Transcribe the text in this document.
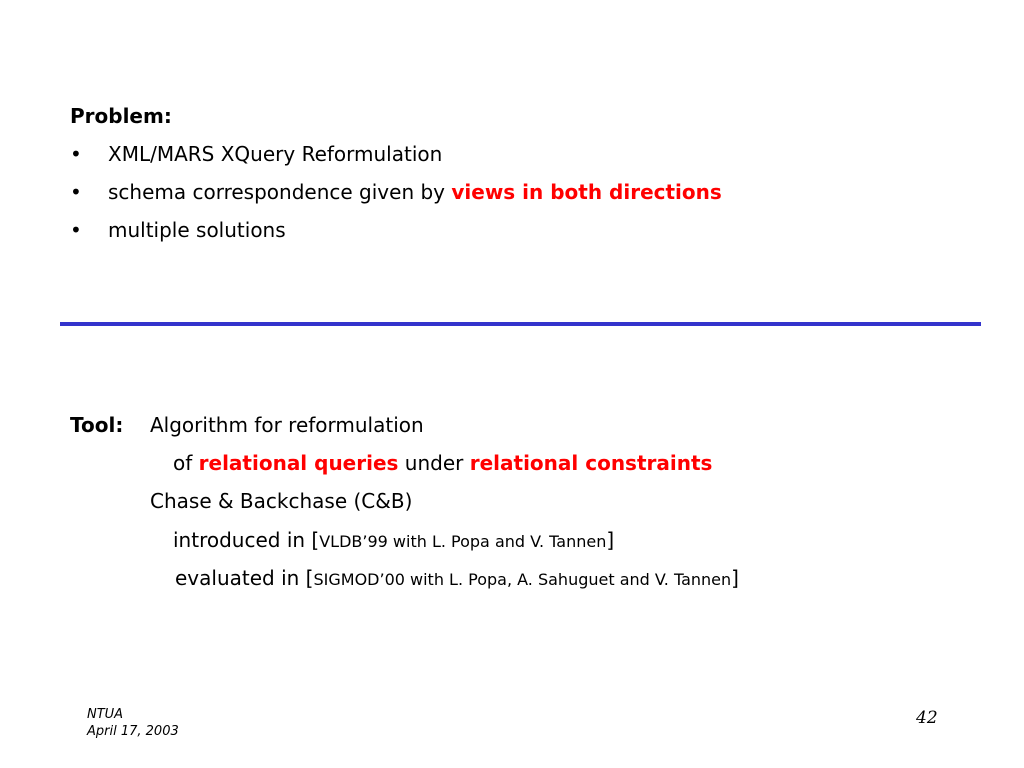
Problem:
• XML/MARS XQuery Reformulation
• schema correspondence given by views in both directions
• multiple solutions
Tool: Algorithm for reformulation
of relational queries under relational constraints
Chase & Backchase (C&B)
introduced in [VLDB’99 with L. Popa and V. Tannen]
evaluated in [SIGMOD’00 with L. Popa, A. Sahuguet and V. Tannen]
NTUA
April 17, 2003
42
